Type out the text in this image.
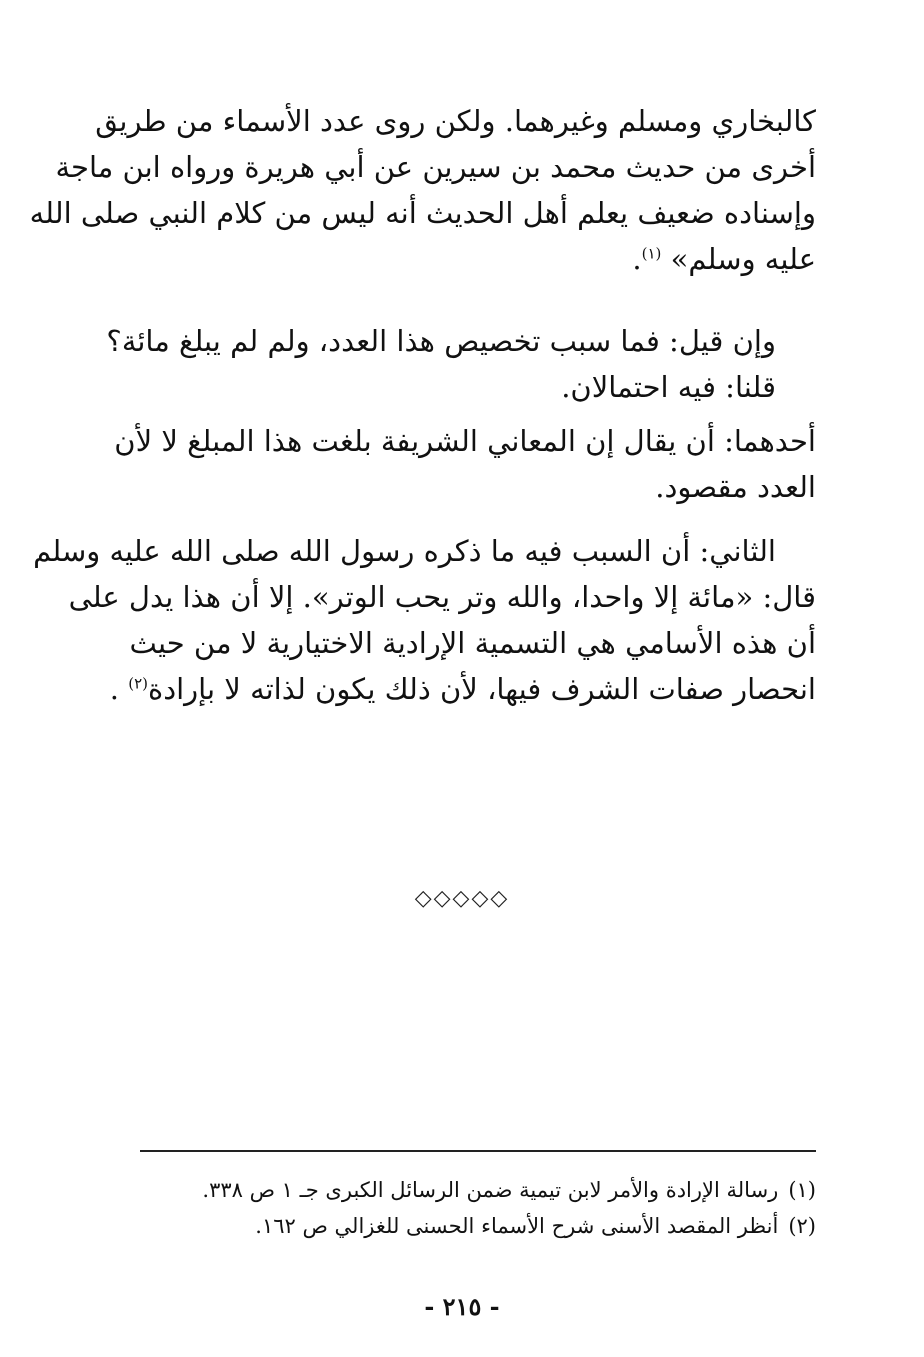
كالبخاري ومسلم وغيرهما. ولكن روى عدد الأسماء من طريق
أخرى من حديث محمد بن سيرين عن أبي هريرة ورواه ابن ماجة
وإسناده ضعيف يعلم أهل الحديث أنه ليس من كلام النبي صلى الله
عليه وسلم» $^{(١)}$.
وإن قيل: فما سبب تخصيص هذا العدد، ولم لم يبلغ مائة؟
قلنا: فيه احتمالان.
أحدهما: أن يقال إن المعاني الشريفة بلغت هذا المبلغ لا لأن
العدد مقصود.
الثاني: أن السبب فيه ما ذكره رسول الله صلى الله عليه وسلم
قال: «مائة إلا واحدا، والله وتر يحب الوتر». إلا أن هذا يدل على
أن هذه الأسامي هي التسمية الإرادية الاختيارية لا من حيث
انحصار صفات الشرف فيها، لأن ذلك يكون لذاته لا بإرادة$^{(٢)}$ .
◇◇◇◇◇
(١)رسالة الإرادة والأمر لابن تيمية ضمن الرسائل الكبرى جـ ١ ص ٣٣٨.
(٢)أنظر المقصد الأسنى شرح الأسماء الحسنى للغزالي ص ١٦٢.
- ٢١٥ -
